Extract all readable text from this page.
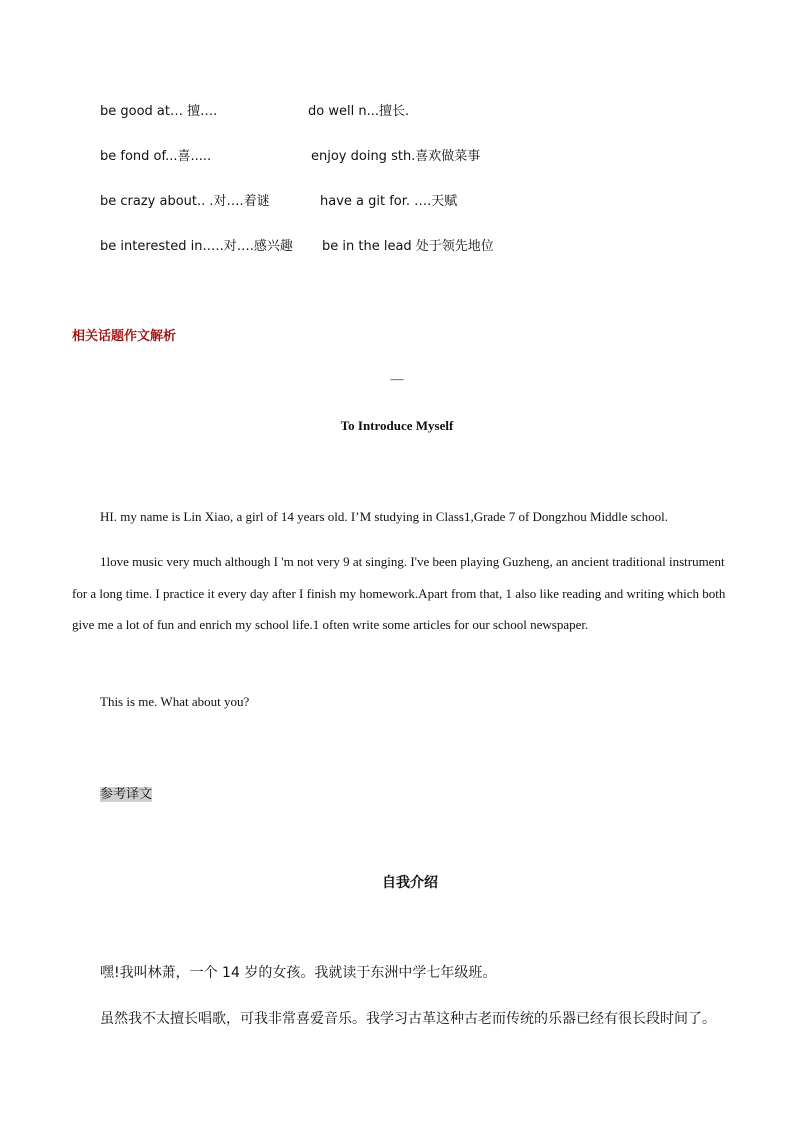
be good at… 擅….	do well n...擅长.
be fond of...喜.....	enjoy doing sth.喜欢做菜事
be crazy about.. .对….着谜	have a git for. ….天赋
be interested in.….对….感兴趣 be in the lead 处于领先地位
相关话题作文解析
—
To Introduce Myself
HI. my name is Lin Xiao, a girl of 14 years old. I’M studying in Class1,Grade 7 of Dongzhou Middle school.
1love music very much although I 'm not very 9 at singing. I've been playing Guzheng, an ancient traditional instrument for a long time. I practice it every day after I finish my homework.Apart from that, 1 also like reading and writing which both give me a lot of fun and enrich my school life.1 often write some articles for our school newspaper.
This is me. What about you?
参考译文
自我介绍
嘿!我叫林萧，一个 14 岁的女孩。我就读于东洲中学七年级班。
虽然我不太擅长唱歌，可我非常喜爱音乐。我学习古革这种古老而传统的乐器已经有很长段时间了。
